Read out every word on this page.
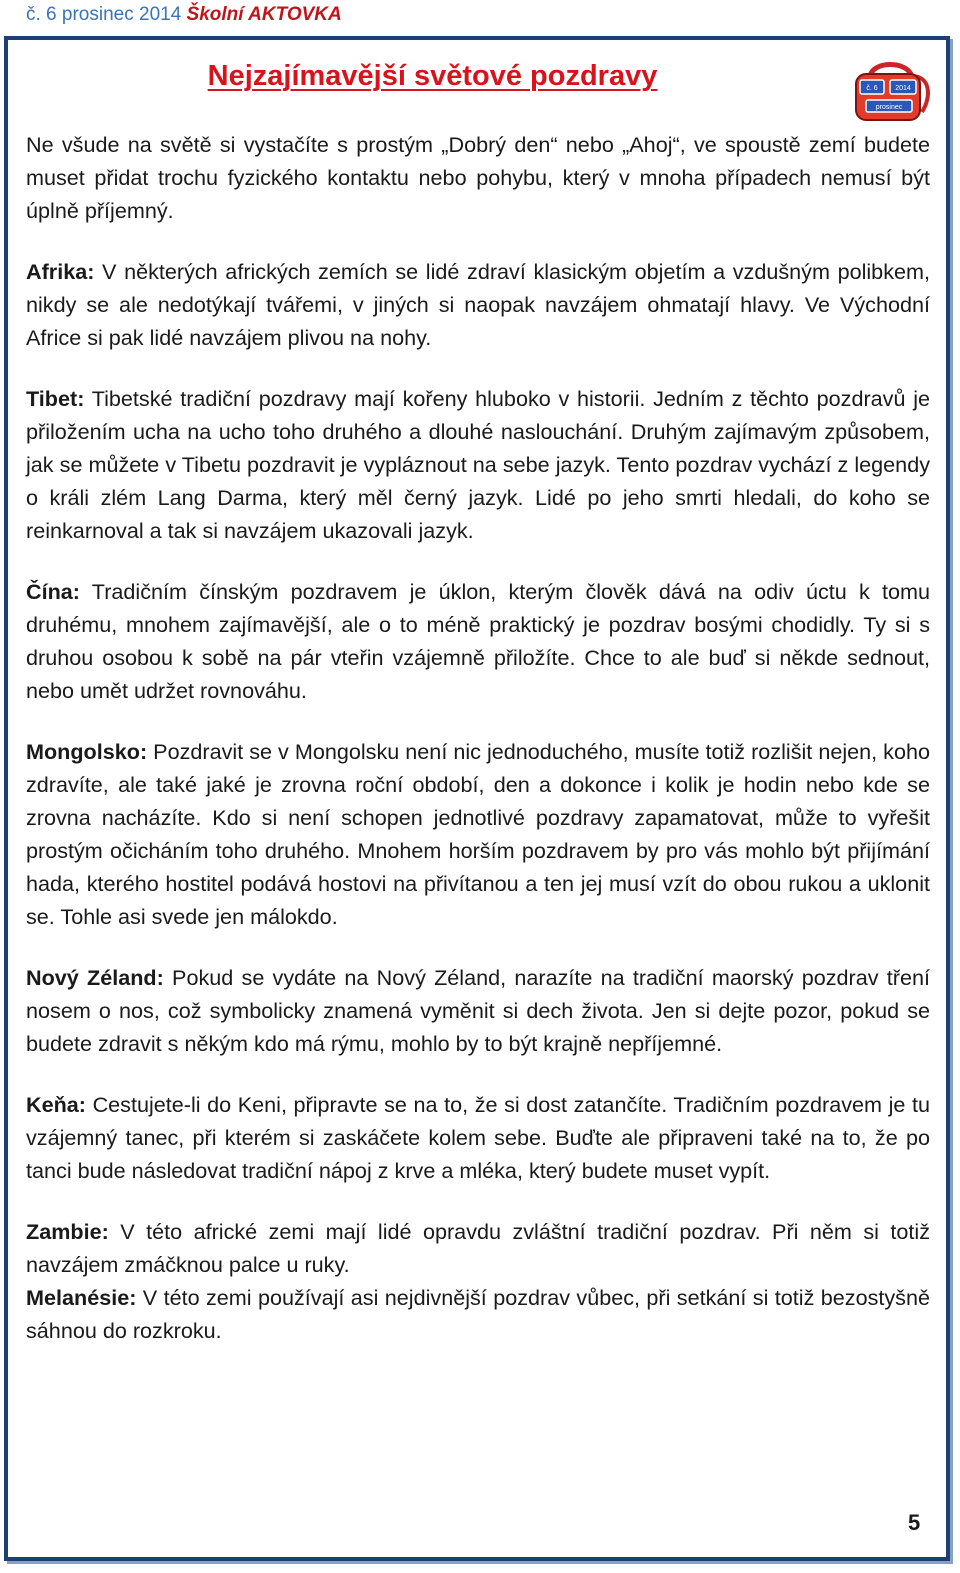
č. 6 prosinec 2014 Školní AKTOVKA
Nejzajímavější světové pozdravy	č. 6	2014
prosinec

Ne všude na světě si vystačíte s prostým „Dobrý den“ nebo „Ahoj“, ve spoustě zemí budete muset přidat trochu fyzického kontaktu nebo pohybu, který v mnoha případech nemusí být úplně příjemný.

Afrika: V některých afrických zemích se lidé zdraví klasickým objetím a vzdušným polibkem, nikdy se ale nedotýkají tvářemi, v jiných si naopak navzájem ohmatají hlavy. Ve Východní Africe si pak lidé navzájem plivou na nohy.

Tibet: Tibetské tradiční pozdravy mají kořeny hluboko v historii. Jedním z těchto pozdravů je přiložením ucha na ucho toho druhého a dlouhé naslouchání. Druhým zajímavým způsobem, jak se můžete v Tibetu pozdravit je vypláznout na sebe jazyk. Tento pozdrav vychází z legendy o králi zlém Lang Darma, který měl černý jazyk. Lidé po jeho smrti hledali, do koho se reinkarnoval a tak si navzájem ukazovali jazyk.

Čína: Tradičním čínským pozdravem je úklon, kterým člověk dává na odiv úctu k tomu druhému, mnohem zajímavější, ale o to méně praktický je pozdrav bosými chodidly. Ty si s druhou osobou k sobě na pár vteřin vzájemně přiložíte. Chce to ale buď si někde sednout, nebo umět udržet rovnováhu.

Mongolsko: Pozdravit se v Mongolsku není nic jednoduchého, musíte totiž rozlišit nejen, koho zdravíte, ale také jaké je zrovna roční období, den a dokonce i kolik je hodin nebo kde se zrovna nacházíte. Kdo si není schopen jednotlivé pozdravy zapamatovat, může to vyřešit prostým očicháním toho druhého. Mnohem horším pozdravem by pro vás mohlo být přijímání hada, kterého hostitel podává hostovi na přivítanou a ten jej musí vzít do obou rukou a uklonit se. Tohle asi svede jen málokdo.

Nový Zéland: Pokud se vydáte na Nový Zéland, narazíte na tradiční maorský pozdrav tření nosem o nos, což symbolicky znamená vyměnit si dech života. Jen si dejte pozor, pokud se budete zdravit s někým kdo má rýmu, mohlo by to být krajně nepříjemné.

Keňa: Cestujete-li do Keni, připravte se na to, že si dost zatančíte. Tradičním pozdravem je tu vzájemný tanec, při kterém si zaskáčete kolem sebe. Buďte ale připraveni také na to, že po tanci bude následovat tradiční nápoj z krve a mléka, který budete muset vypít.

Zambie: V této africké zemi mají lidé opravdu zvláštní tradiční pozdrav. Při něm si totiž navzájem zmáčknou palce u ruky.

Melanésie: V této zemi používají asi nejdivnější pozdrav vůbec, při setkání si totiž bezostyšně sáhnou do rozkroku.

5
